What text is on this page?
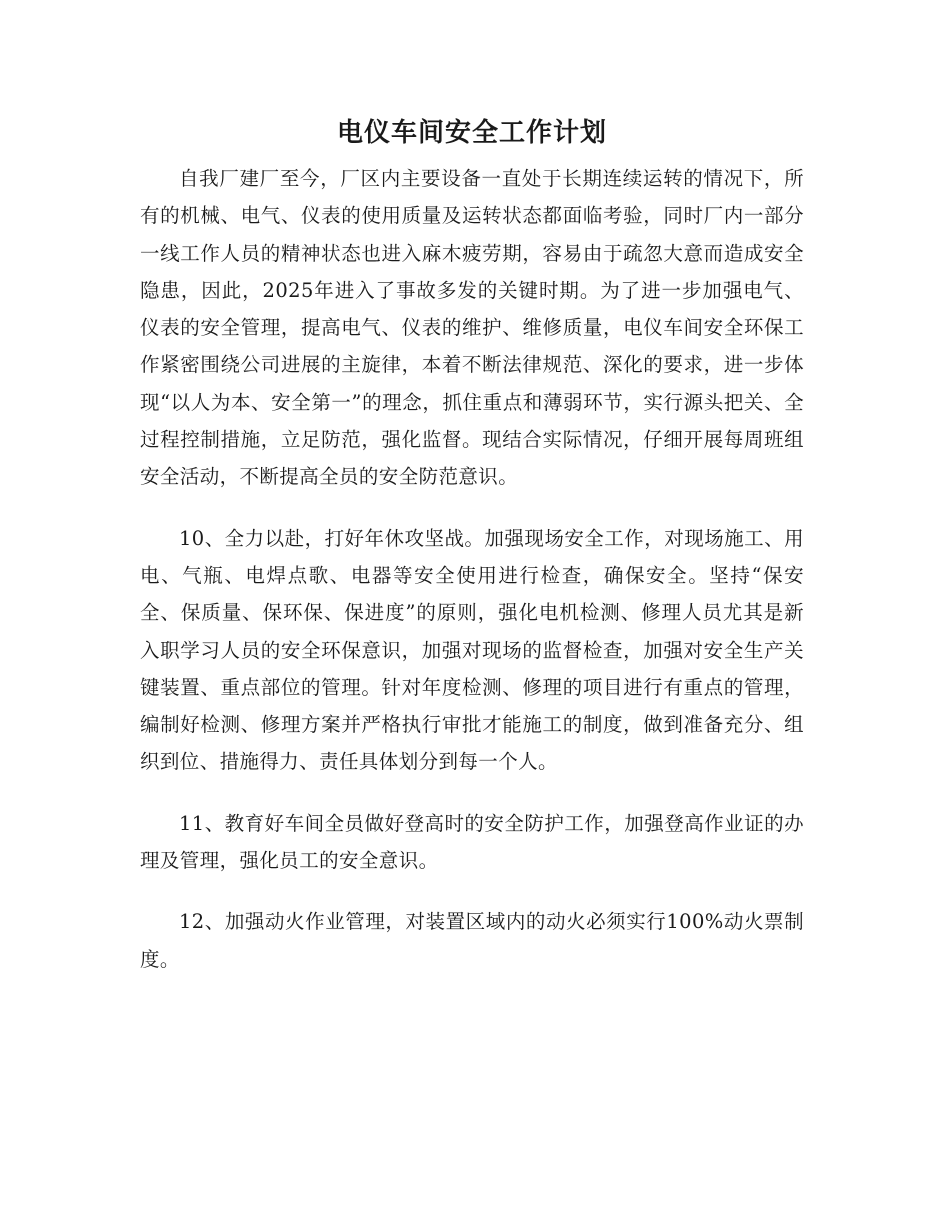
电仪车间安全工作计划

自我厂建厂至今，厂区内主要设备一直处于长期连续运转的情况下，所有的机械、电气、仪表的使用质量及运转状态都面临考验，同时厂内一部分一线工作人员的精神状态也进入麻木疲劳期，容易由于疏忽大意而造成安全隐患，因此，2025年进入了事故多发的关键时期。为了进一步加强电气、仪表的安全管理，提高电气、仪表的维护、维修质量，电仪车间安全环保工作紧密围绕公司进展的主旋律，本着不断法律规范、深化的要求，进一步体现“以人为本、安全第一”的理念，抓住重点和薄弱环节，实行源头把关、全过程控制措施，立足防范，强化监督。现结合实际情况，仔细开展每周班组安全活动，不断提高全员的安全防范意识。

10、全力以赴，打好年休攻坚战。加强现场安全工作，对现场施工、用电、气瓶、电焊点歌、电器等安全使用进行检查，确保安全。坚持“保安全、保质量、保环保、保进度”的原则，强化电机检测、修理人员尤其是新入职学习人员的安全环保意识，加强对现场的监督检查，加强对安全生产关键装置、重点部位的管理。针对年度检测、修理的项目进行有重点的管理，编制好检测、修理方案并严格执行审批才能施工的制度，做到准备充分、组织到位、措施得力、责任具体划分到每一个人。

11、教育好车间全员做好登高时的安全防护工作，加强登高作业证的办理及管理，强化员工的安全意识。

12、加强动火作业管理，对装置区域内的动火必须实行100%动火票制度。
